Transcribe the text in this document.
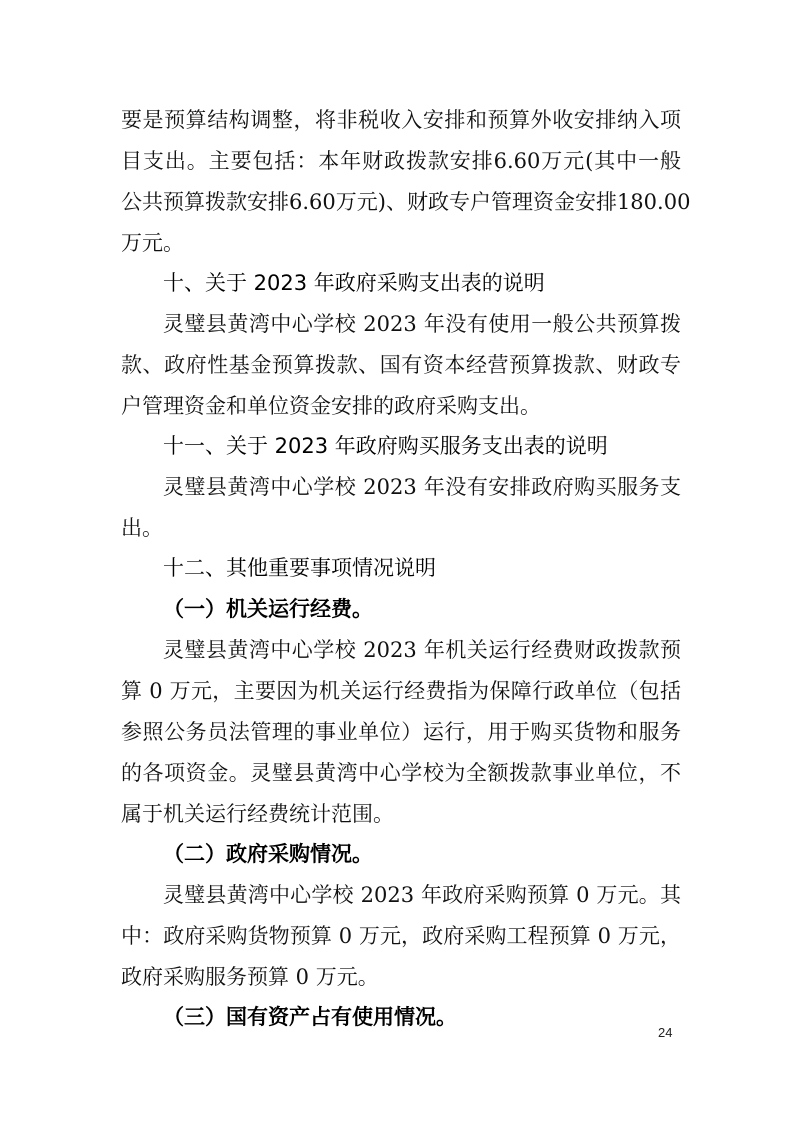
要是预算结构调整，将非税收入安排和预算外收安排纳入项
目支出。主要包括：本年财政拨款安排6.60万元(其中一般
公共预算拨款安排6.60万元)、财政专户管理资金安排180.00
万元。
十、关于 2023 年政府采购支出表的说明
灵璧县黄湾中心学校 2023 年没有使用一般公共预算拨
款、政府性基金预算拨款、国有资本经营预算拨款、财政专
户管理资金和单位资金安排的政府采购支出。
十一、关于 2023 年政府购买服务支出表的说明
灵璧县黄湾中心学校 2023 年没有安排政府购买服务支
出。
十二、其他重要事项情况说明
（一）机关运行经费。
灵璧县黄湾中心学校 2023 年机关运行经费财政拨款预
算 0 万元，主要因为机关运行经费指为保障行政单位（包括
参照公务员法管理的事业单位）运行，用于购买货物和服务
的各项资金。灵璧县黄湾中心学校为全额拨款事业单位，不
属于机关运行经费统计范围。
（二）政府采购情况。
灵璧县黄湾中心学校 2023 年政府采购预算 0 万元。其
中：政府采购货物预算 0 万元，政府采购工程预算 0 万元，
政府采购服务预算 0 万元。
（三）国有资产占有使用情况。
24
